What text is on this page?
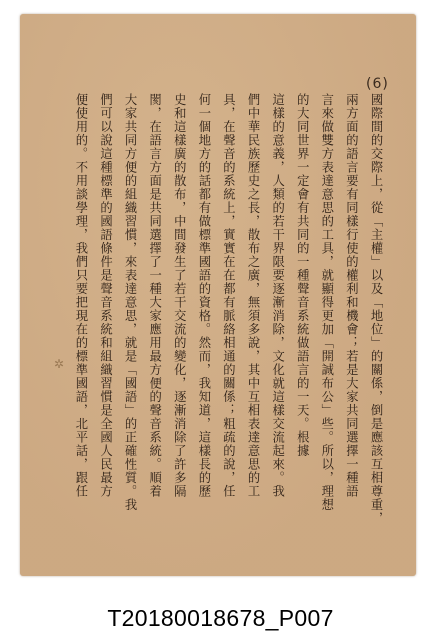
(6)
✲	國際間的交際上，從「主權」以及「地位」的關係，倒是應該互相尊重，
兩方面的語言要有同樣行使的權利和機會；若是大家共同選擇一種語
言來做雙方表達意思的工具，就顯得更加「開誠布公」些。所以，理想
的大同世界一定會有共同的一種聲音系統做語言的一天。根據
這樣的意義，人類的若干界限要逐漸消除，文化就這樣交流起來。我
們中華民族歷史之長，散布之廣，無須多說，其中互相表達意思的工
具，在聲音的系統上，實實在在都有脈絡相通的關係；粗疏的說，任
何一個地方的話都有做標準國語的資格。然而，我知道，這樣長的歷
史和這樣廣的散布，中間發生了若干交流的變化，逐漸消除了許多隔
閡，在語言方面是共同選擇了一種大家應用最方便的聲音系統。順着
大家共同方便的組織習慣，來表達意思，就是「國語」的正確性質。我
們可以說這種標準的國語條件是聲音系統和組織習慣是全國人民最方
便使用的。不用談學理，我們只要把現在的標準國語，北平話，跟任
T20180018678_P007
